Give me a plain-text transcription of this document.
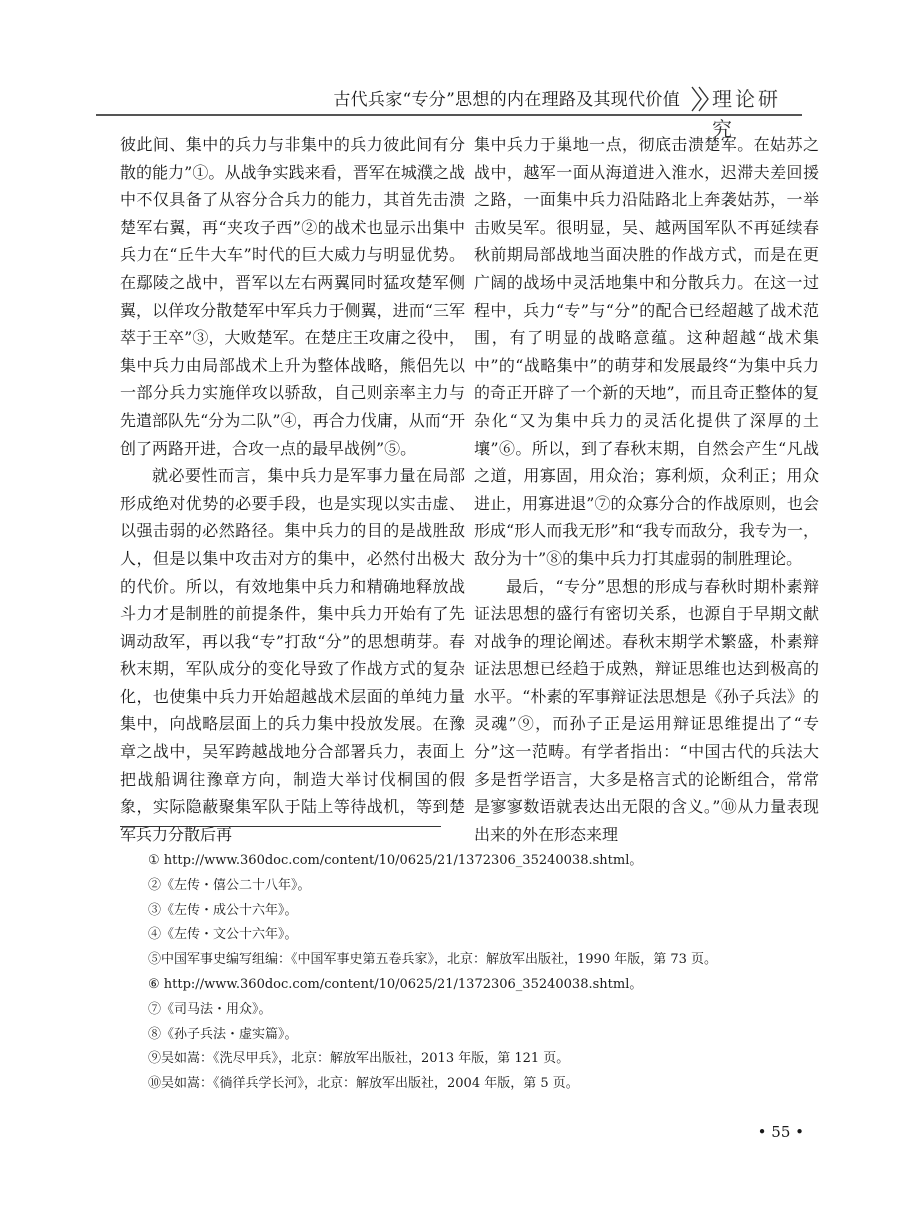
古代兵家“专分”思想的内在理路及其现代价值 理论研究

彼此间、集中的兵力与非集中的兵力彼此间有分散的能力”①。从战争实践来看，晋军在城濮之战中不仅具备了从容分合兵力的能力，其首先击溃楚军右翼，再“夹攻子西”②的战术也显示出集中兵力在“丘牛大车”时代的巨大威力与明显优势。在鄢陵之战中，晋军以左右两翼同时猛攻楚军侧翼，以佯攻分散楚军中军兵力于侧翼，进而“三军萃于王卒”③，大败楚军。在楚庄王攻庸之役中，集中兵力由局部战术上升为整体战略，熊侣先以一部分兵力实施佯攻以骄敌，自己则亲率主力与先遣部队先“分为二队”④，再合力伐庸，从而“开创了两路开进，合攻一点的最早战例”⑤。

就必要性而言，集中兵力是军事力量在局部形成绝对优势的必要手段，也是实现以实击虚、以强击弱的必然路径。集中兵力的目的是战胜敌人，但是以集中攻击对方的集中，必然付出极大的代价。所以，有效地集中兵力和精确地释放战斗力才是制胜的前提条件，集中兵力开始有了先调动敌军，再以我“专”打敌“分”的思想萌芽。春秋末期，军队成分的变化导致了作战方式的复杂化，也使集中兵力开始超越战术层面的单纯力量集中，向战略层面上的兵力集中投放发展。在豫章之战中，吴军跨越战地分合部署兵力，表面上把战船调往豫章方向，制造大举讨伐桐国的假象，实际隐蔽聚集军队于陆上等待战机，等到楚军兵力分散后再

集中兵力于巢地一点，彻底击溃楚军。在姑苏之战中，越军一面从海道进入淮水，迟滞夫差回援之路，一面集中兵力沿陆路北上奔袭姑苏，一举击败吴军。很明显，吴、越两国军队不再延续春秋前期局部战地当面决胜的作战方式，而是在更广阔的战场中灵活地集中和分散兵力。在这一过程中，兵力“专”与“分”的配合已经超越了战术范围，有了明显的战略意蕴。这种超越“战术集中”的“战略集中”的萌芽和发展最终“为集中兵力的奇正开辟了一个新的天地”，而且奇正整体的复杂化“又为集中兵力的灵活化提供了深厚的土壤”⑥。所以，到了春秋末期，自然会产生“凡战之道，用寡固，用众治；寡利烦，众利正；用众进止，用寡进退”⑦的众寡分合的作战原则，也会形成“形人而我无形”和“我专而敌分，我专为一，敌分为十”⑧的集中兵力打其虚弱的制胜理论。

最后，“专分”思想的形成与春秋时期朴素辩证法思想的盛行有密切关系，也源自于早期文献对战争的理论阐述。春秋末期学术繁盛，朴素辩证法思想已经趋于成熟，辩证思维也达到极高的水平。“朴素的军事辩证法思想是《孙子兵法》的灵魂”⑨，而孙子正是运用辩证思维提出了“专分”这一范畴。有学者指出：“中国古代的兵法大多是哲学语言，大多是格言式的论断组合，常常是寥寥数语就表达出无限的含义。”⑩从力量表现出来的外在形态来理

① http://www.360doc.com/content/10/0625/21/1372306_35240038.shtml。
②《左传・僖公二十八年》。
③《左传・成公十六年》。
④《左传・文公十六年》。
⑤中国军事史编写组编：《中国军事史第五卷兵家》，北京：解放军出版社，1990 年版，第 73 页。
⑥ http://www.360doc.com/content/10/0625/21/1372306_35240038.shtml。
⑦《司马法・用众》。
⑧《孙子兵法・虚实篇》。
⑨吴如嵩：《洗尽甲兵》，北京：解放军出版社，2013 年版，第 121 页。
⑩吴如嵩：《徜徉兵学长河》，北京：解放军出版社，2004 年版，第 5 页。
• 55 •
